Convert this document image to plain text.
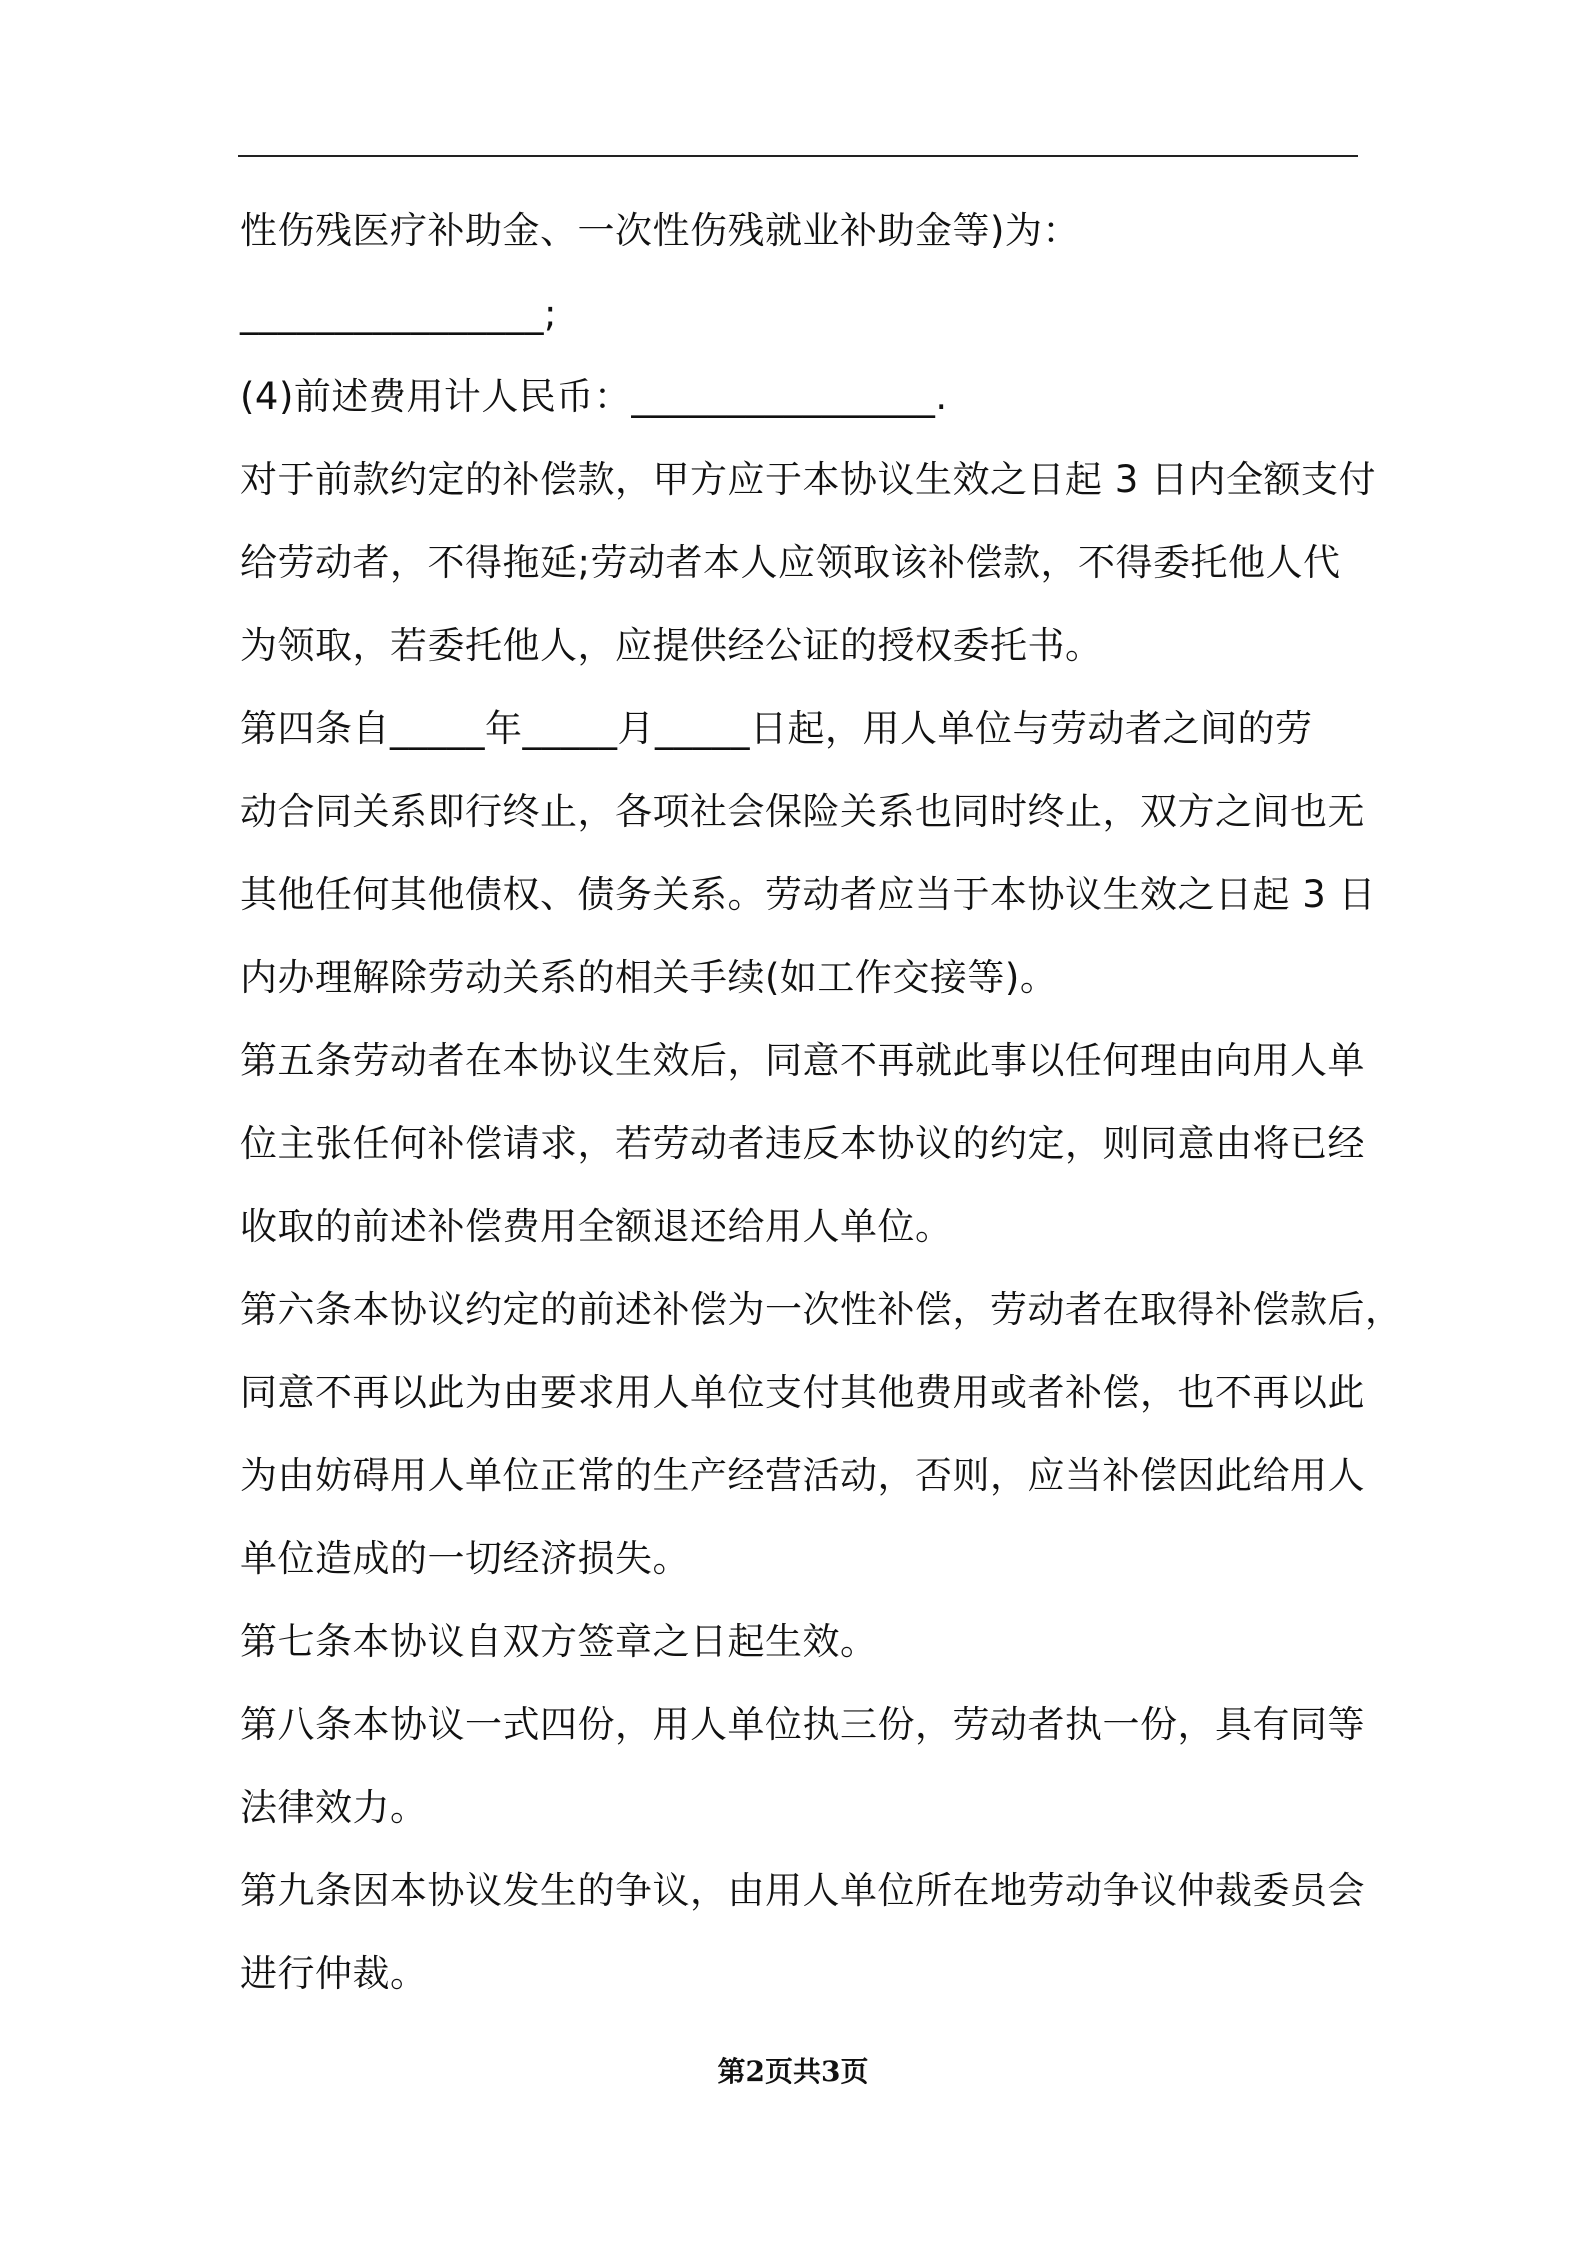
性伤残医疗补助金、一次性伤残就业补助金等)为：
________________;
(4)前述费用计人民币：________________.
对于前款约定的补偿款，甲方应于本协议生效之日起 3 日内全额支付
给劳动者，不得拖延;劳动者本人应领取该补偿款，不得委托他人代
为领取，若委托他人，应提供经公证的授权委托书。
第四条自_____年_____月_____日起，用人单位与劳动者之间的劳
动合同关系即行终止，各项社会保险关系也同时终止，双方之间也无
其他任何其他债权、债务关系。劳动者应当于本协议生效之日起 3 日
内办理解除劳动关系的相关手续(如工作交接等)。
第五条劳动者在本协议生效后，同意不再就此事以任何理由向用人单
位主张任何补偿请求，若劳动者违反本协议的约定，则同意由将已经
收取的前述补偿费用全额退还给用人单位。
第六条本协议约定的前述补偿为一次性补偿，劳动者在取得补偿款后，
同意不再以此为由要求用人单位支付其他费用或者补偿，也不再以此
为由妨碍用人单位正常的生产经营活动，否则，应当补偿因此给用人
单位造成的一切经济损失。
第七条本协议自双方签章之日起生效。
第八条本协议一式四份，用人单位执三份，劳动者执一份，具有同等
法律效力。
第九条因本协议发生的争议，由用人单位所在地劳动争议仲裁委员会
进行仲裁。
第2页共3页
